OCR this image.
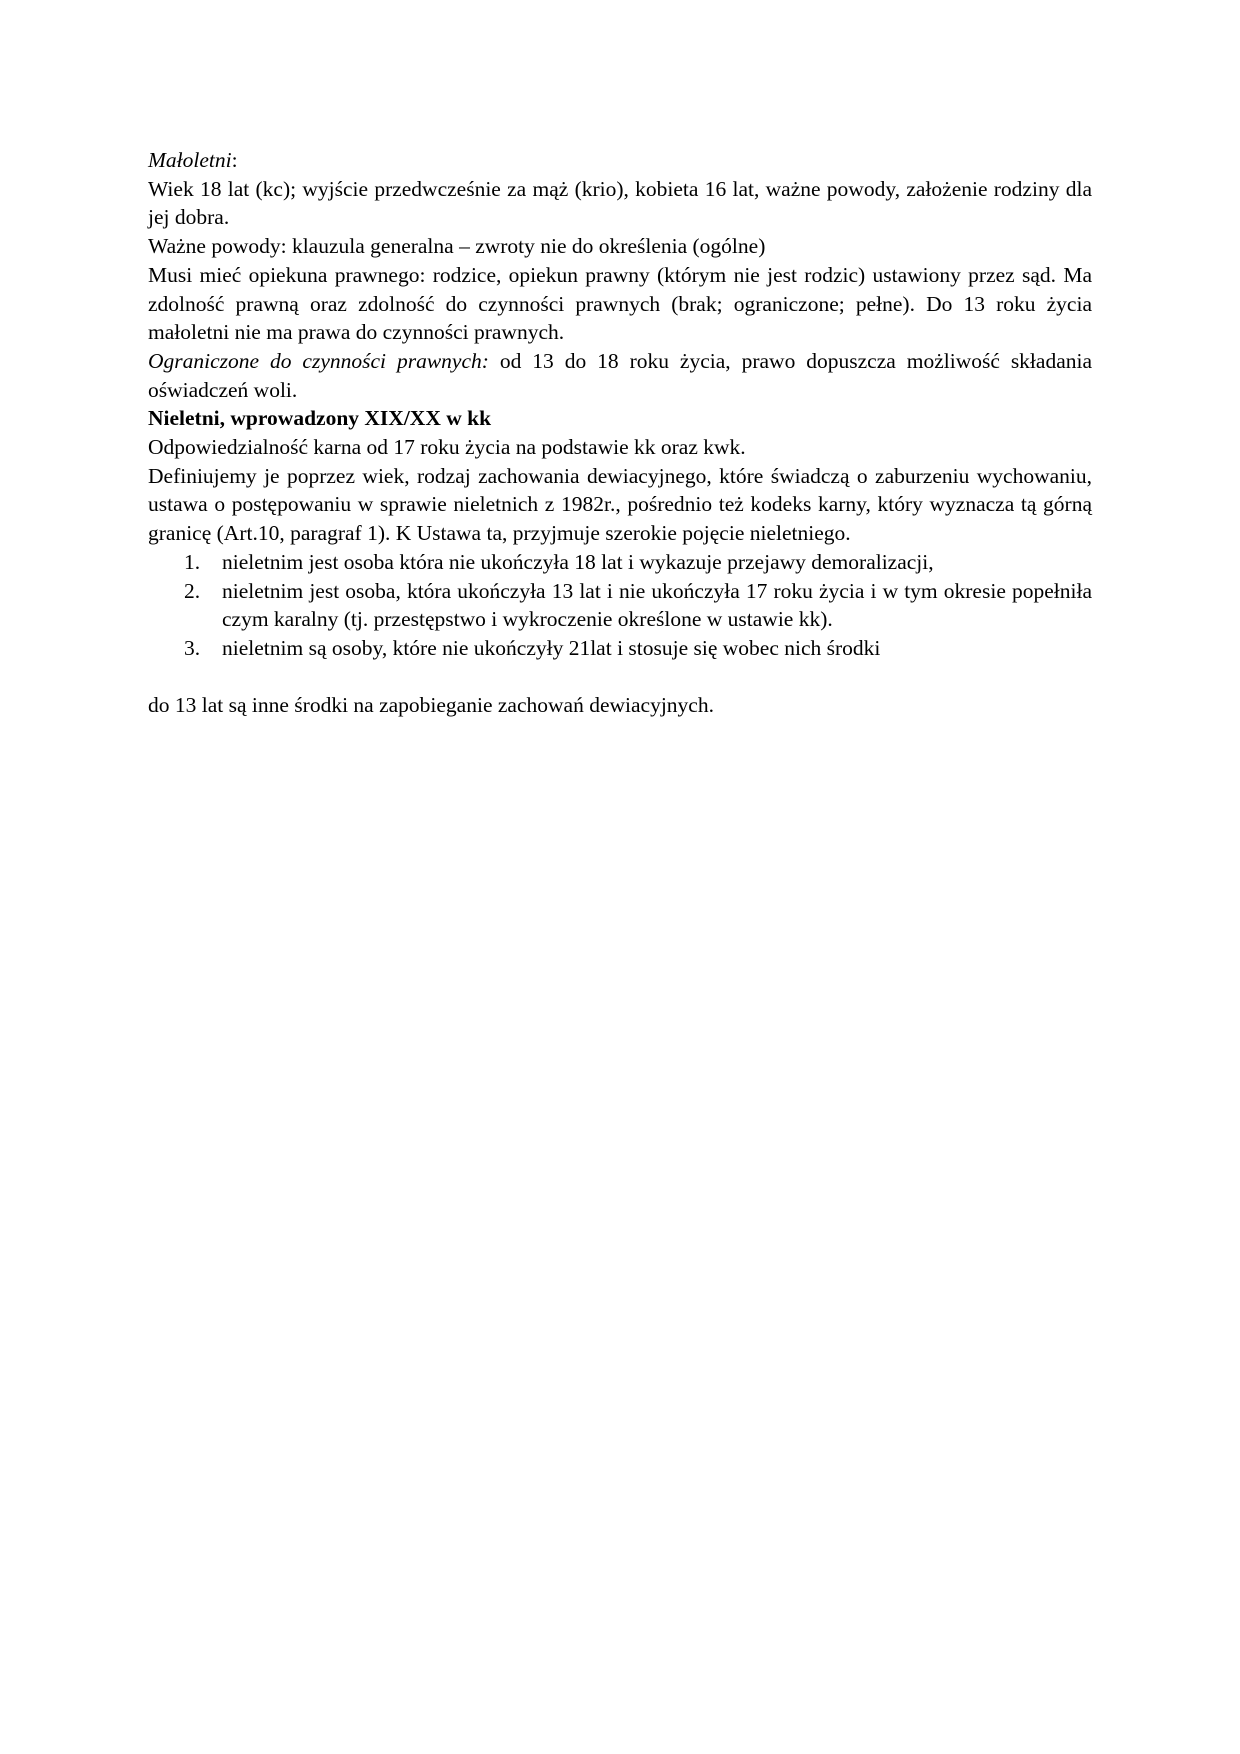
Małoletni:

Wiek 18 lat (kc); wyjście przedwcześnie za mąż (krio), kobieta 16 lat, ważne powody, założenie rodziny dla jej dobra.

Ważne powody: klauzula generalna – zwroty nie do określenia (ogólne)

Musi mieć opiekuna prawnego: rodzice, opiekun prawny (którym nie jest rodzic) ustawiony przez sąd. Ma zdolność prawną oraz zdolność do czynności prawnych (brak; ograniczone; pełne). Do 13 roku życia małoletni nie ma prawa do czynności prawnych.

Ograniczone do czynności prawnych: od 13 do 18 roku życia, prawo dopuszcza możliwość składania oświadczeń woli.

Nieletni, wprowadzony XIX/XX w kk

Odpowiedzialność karna od 17 roku życia na podstawie kk oraz kwk.

Definiujemy je poprzez wiek, rodzaj zachowania dewiacyjnego, które świadczą o zaburzeniu wychowaniu, ustawa o postępowaniu w sprawie nieletnich z 1982r., pośrednio też kodeks karny, który wyznacza tą górną granicę (Art.10, paragraf 1). K Ustawa ta, przyjmuje szerokie pojęcie nieletniego.

1.	nieletnim jest osoba która nie ukończyła 18 lat i wykazuje przejawy demoralizacji,
2.	nieletnim jest osoba, która ukończyła 13 lat i nie ukończyła 17 roku życia i w tym okresie popełniła czym karalny (tj. przestępstwo i wykroczenie określone w ustawie kk).
3.	nieletnim są osoby, które nie ukończyły 21lat i stosuje się wobec nich środki

do 13 lat są inne środki na zapobieganie zachowań dewiacyjnych.
